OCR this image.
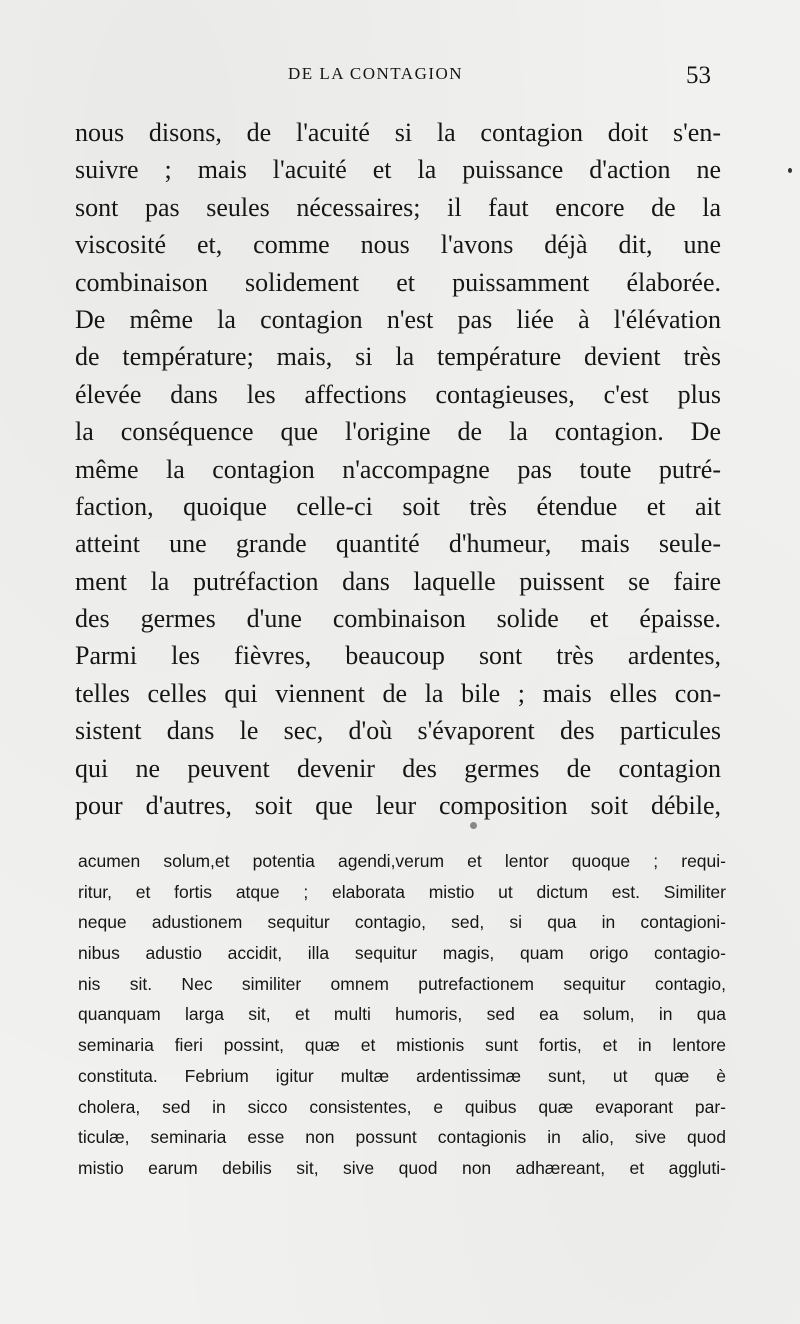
DE LA CONTAGION	53
nous disons, de l'acuité si la contagion doit s'en-
suivre ; mais l'acuité et la puissance d'action ne
sont pas seules nécessaires; il faut encore de la
viscosité et, comme nous l'avons déjà dit, une
combinaison solidement et puissamment élaborée.
De même la contagion n'est pas liée à l'élévation
de température; mais, si la température devient très
élevée dans les affections contagieuses, c'est plus
la conséquence que l'origine de la contagion. De
même la contagion n'accompagne pas toute putré-
faction, quoique celle-ci soit très étendue et ait
atteint une grande quantité d'humeur, mais seule-
ment la putréfaction dans laquelle puissent se faire
des germes d'une combinaison solide et épaisse.
Parmi les fièvres, beaucoup sont très ardentes,
telles celles qui viennent de la bile ; mais elles con-
sistent dans le sec, d'où s'évaporent des particules
qui ne peuvent devenir des germes de contagion
pour d'autres, soit que leur composition soit débile,
acumen solum,et potentia agendi,verum et lentor quoque ; requi-
ritur, et fortis atque ; elaborata mistio ut dictum est. Similiter
neque adustionem sequitur contagio, sed, si qua in contagioni-
nibus adustio accidit, illa sequitur magis, quam origo contagio-
nis sit. Nec similiter omnem putrefactionem sequitur contagio,
quanquam larga sit, et multi humoris, sed ea solum, in qua
seminaria fieri possint, quæ et mistionis sunt fortis, et in lentore
constituta. Febrium igitur multæ ardentissimæ sunt, ut quæ è
cholera, sed in sicco consistentes, e quibus quæ evaporant par-
ticulæ, seminaria esse non possunt contagionis in alio, sive quod
mistio earum debilis sit, sive quod non adhæreant, et aggluti-
